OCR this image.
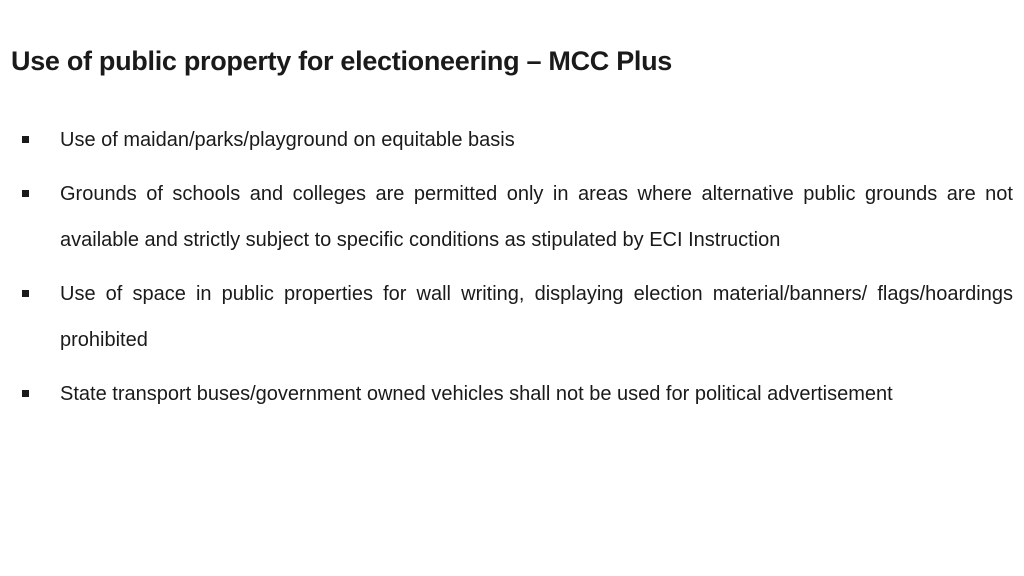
Use of public property for electioneering – MCC Plus
Use of maidan/parks/playground on equitable basis
Grounds of schools and colleges are permitted only in areas where alternative public grounds are not available and strictly subject to specific conditions as stipulated by ECI Instruction
Use of space in public properties for wall writing, displaying election material/banners/ flags/hoardings prohibited
State transport buses/government owned vehicles shall not be used for political advertisement
